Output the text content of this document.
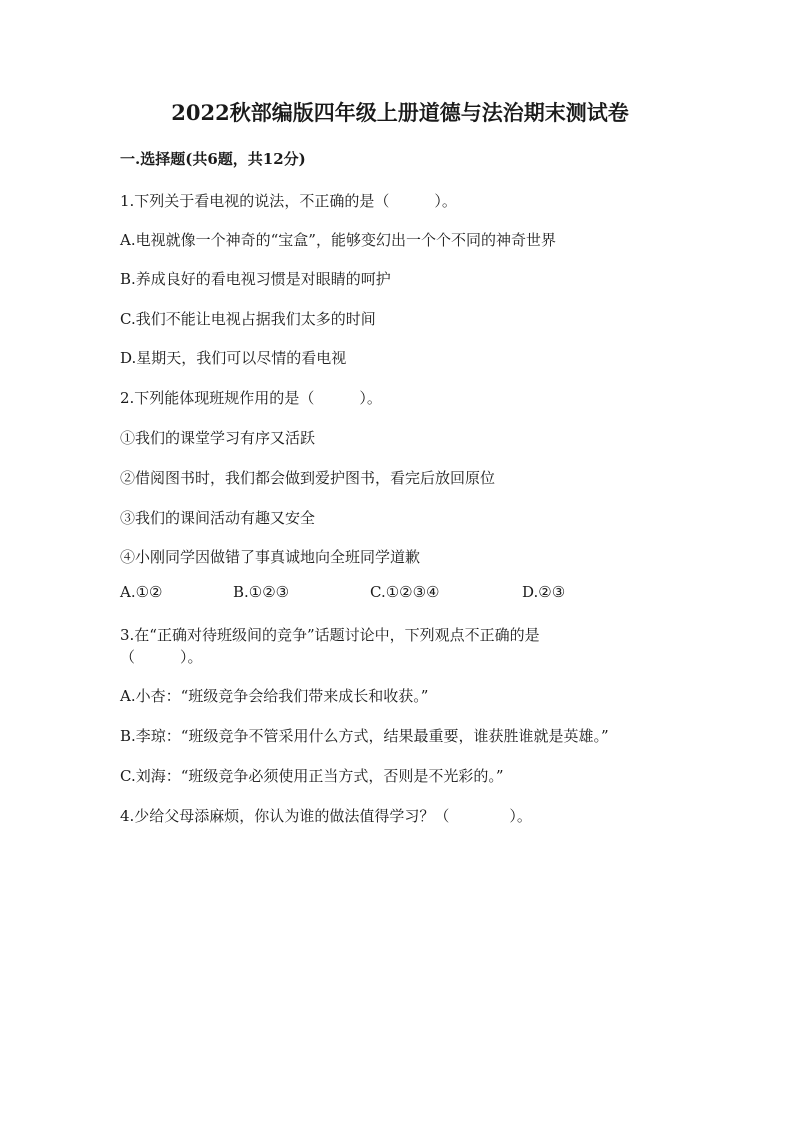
2022秋部编版四年级上册道德与法治期末测试卷
一.选择题(共6题，共12分)
1.下列关于看电视的说法，不正确的是（　　　）。
A.电视就像一个神奇的“宝盒”，能够变幻出一个个不同的神奇世界
B.养成良好的看电视习惯是对眼睛的呵护
C.我们不能让电视占据我们太多的时间
D.星期天，我们可以尽情的看电视
2.下列能体现班规作用的是（　　　）。
①我们的课堂学习有序又活跃
②借阅图书时，我们都会做到爱护图书，看完后放回原位
③我们的课间活动有趣又安全
④小刚同学因做错了事真诚地向全班同学道歉
A.①②	B.①②③	C.①②③④	D.②③
3.在“正确对待班级间的竞争”话题讨论中，下列观点不正确的是
（　　　）。
A.小杏：“班级竞争会给我们带来成长和收获。”
B.李琼：“班级竞争不管采用什么方式，结果最重要，谁获胜谁就是英雄。”
C.刘海：“班级竞争必须使用正当方式，否则是不光彩的。”
4.少给父母添麻烦，你认为谁的做法值得学习？（　　　　）。
